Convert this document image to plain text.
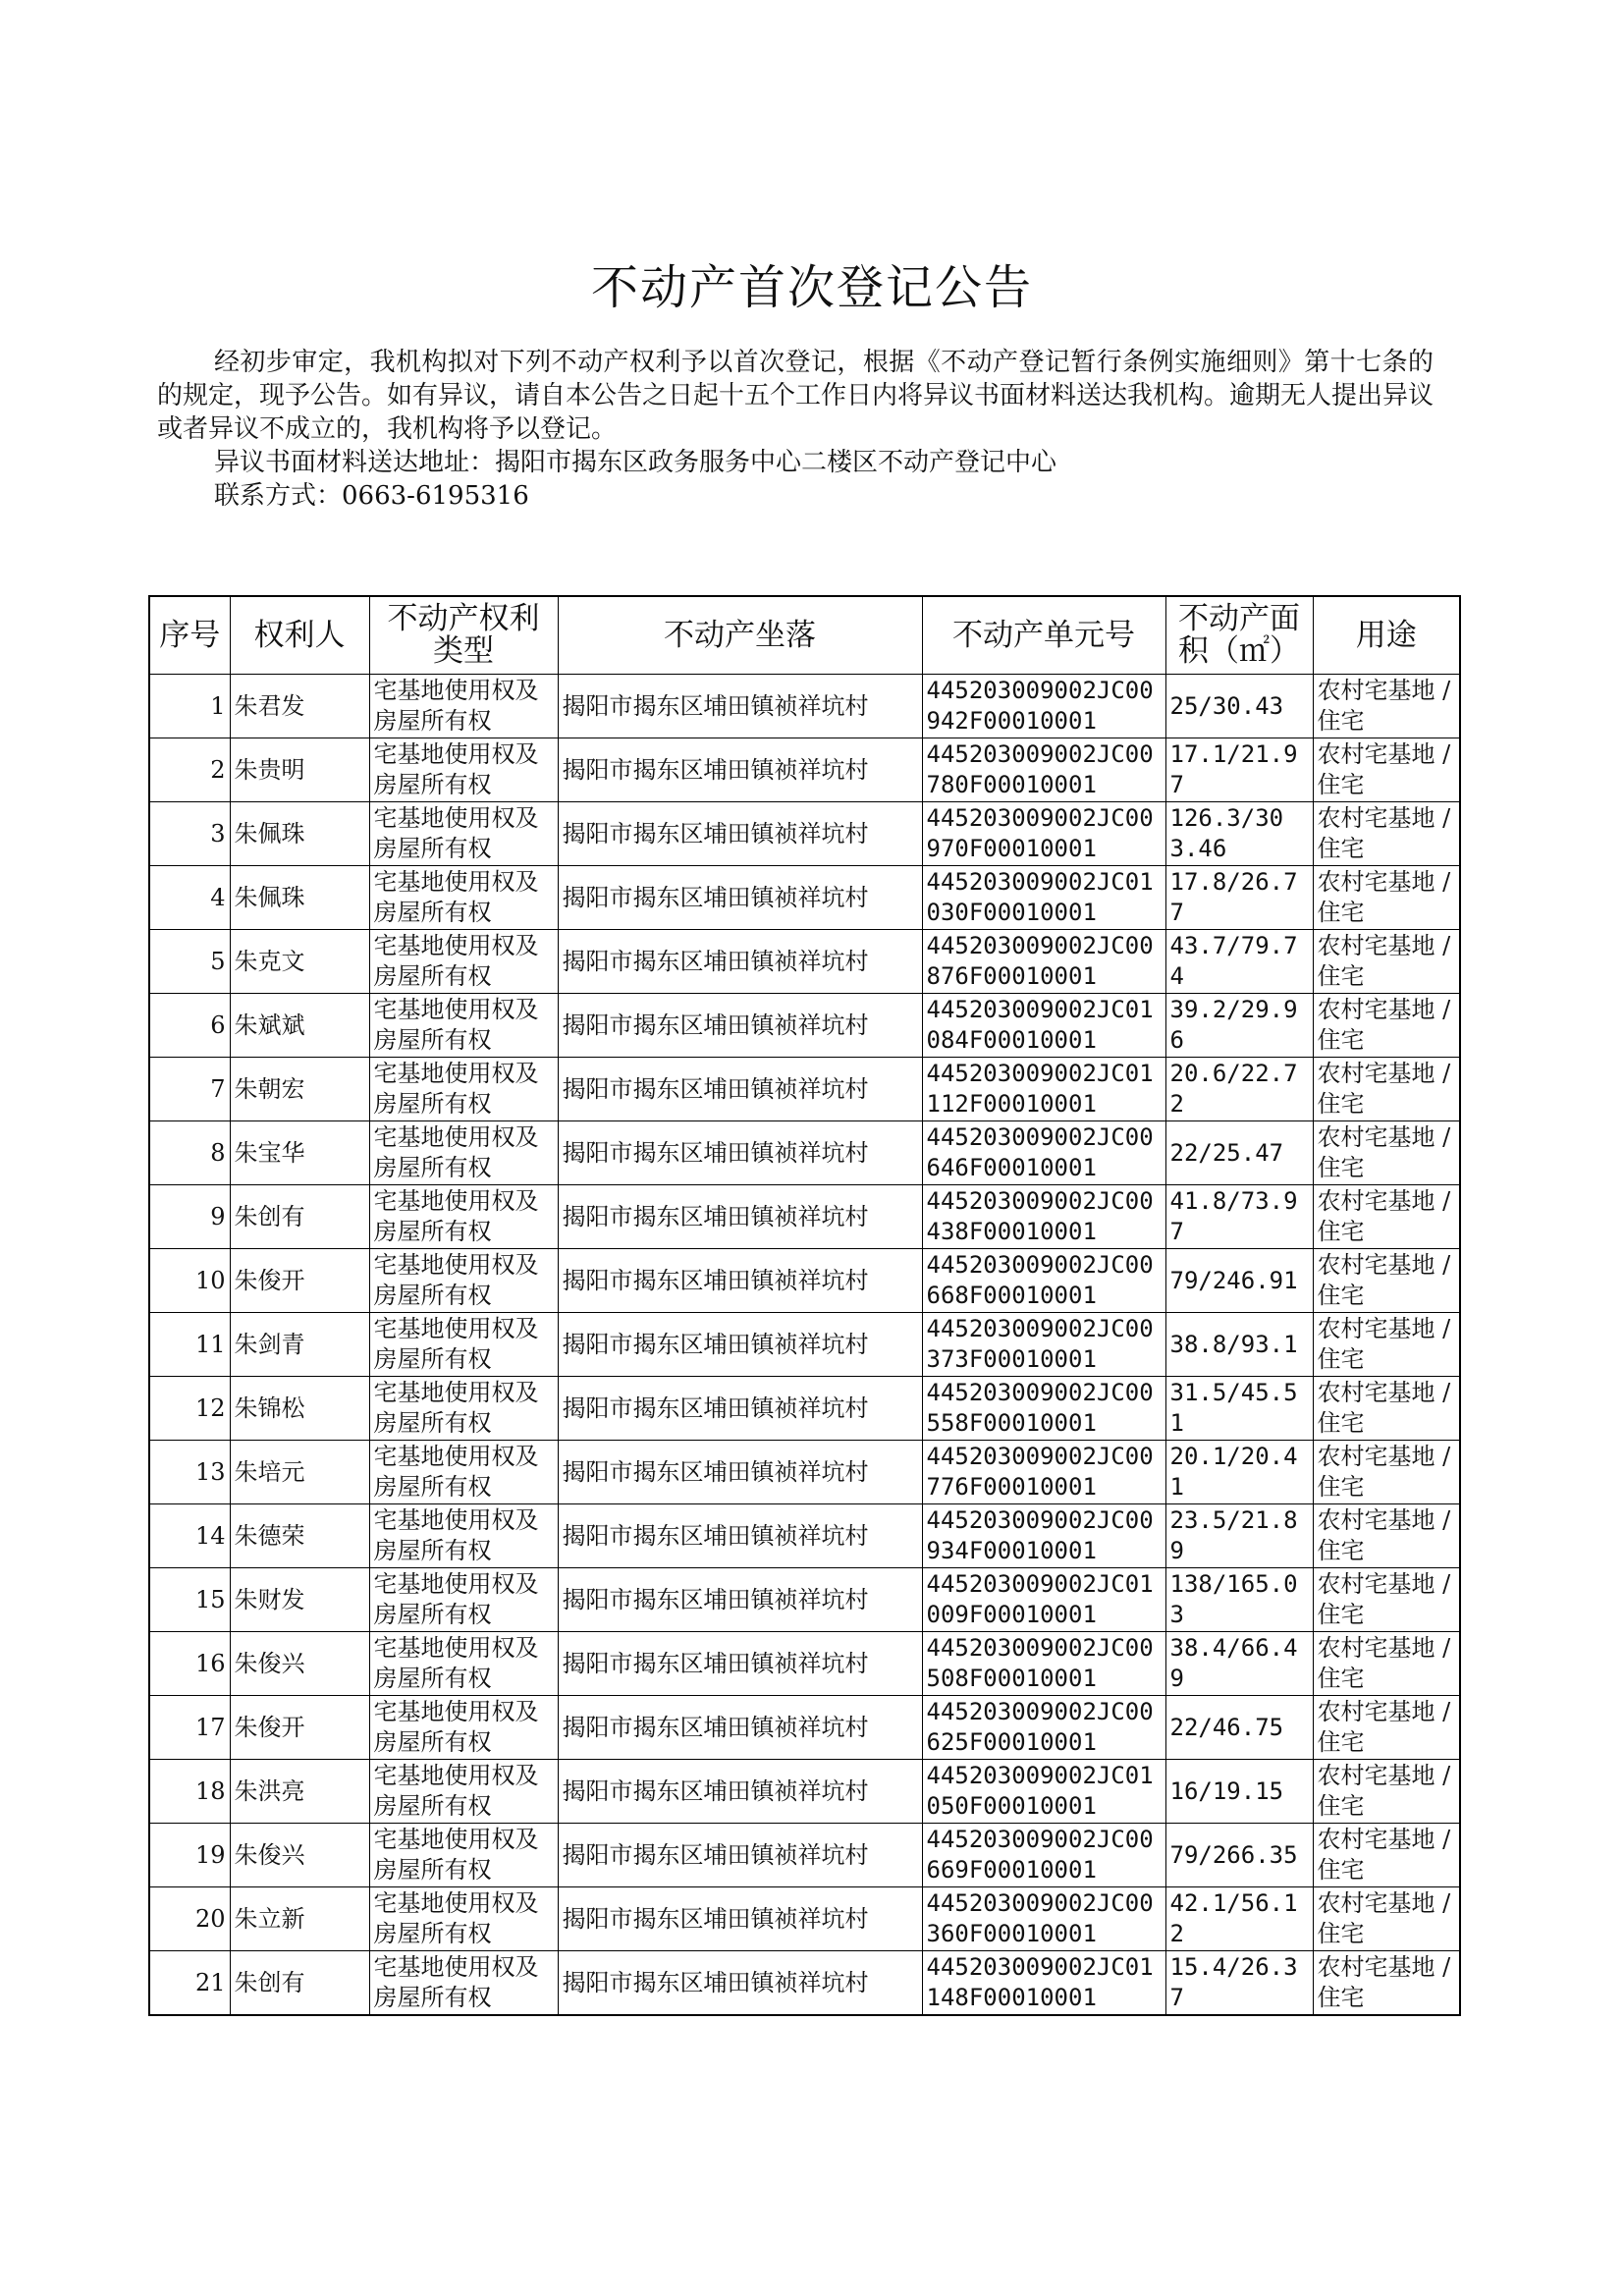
不动产首次登记公告

经初步审定，我机构拟对下列不动产权利予以首次登记，根据《不动产登记暂行条例实施细则》第十七条的的规定，现予公告。如有异议，请自本公告之日起十五个工作日内将异议书面材料送达我机构。逾期无人提出异议或者异议不成立的，我机构将予以登记。

异议书面材料送达地址：揭阳市揭东区政务服务中心二楼区不动产登记中心

联系方式：0663-6195316

序号	权利人	不动产权利类型	不动产坐落	不动产单元号	不动产面积（㎡）	用途
1	朱君发	宅基地使用权及房屋所有权	揭阳市揭东区埔田镇祯祥坑村	445203009002JC00942F00010001	25/30.43	农村宅基地 / 住宅
2	朱贵明	宅基地使用权及房屋所有权	揭阳市揭东区埔田镇祯祥坑村	445203009002JC00780F00010001	17.1/21.97	农村宅基地 / 住宅
3	朱佩珠	宅基地使用权及房屋所有权	揭阳市揭东区埔田镇祯祥坑村	445203009002JC00970F00010001	126.3/303.46	农村宅基地 / 住宅
4	朱佩珠	宅基地使用权及房屋所有权	揭阳市揭东区埔田镇祯祥坑村	445203009002JC01030F00010001	17.8/26.77	农村宅基地 / 住宅
5	朱克文	宅基地使用权及房屋所有权	揭阳市揭东区埔田镇祯祥坑村	445203009002JC00876F00010001	43.7/79.74	农村宅基地 / 住宅
6	朱斌斌	宅基地使用权及房屋所有权	揭阳市揭东区埔田镇祯祥坑村	445203009002JC01084F00010001	39.2/29.96	农村宅基地 / 住宅
7	朱朝宏	宅基地使用权及房屋所有权	揭阳市揭东区埔田镇祯祥坑村	445203009002JC01112F00010001	20.6/22.72	农村宅基地 / 住宅
8	朱宝华	宅基地使用权及房屋所有权	揭阳市揭东区埔田镇祯祥坑村	445203009002JC00646F00010001	22/25.47	农村宅基地 / 住宅
9	朱创有	宅基地使用权及房屋所有权	揭阳市揭东区埔田镇祯祥坑村	445203009002JC00438F00010001	41.8/73.97	农村宅基地 / 住宅
10	朱俊开	宅基地使用权及房屋所有权	揭阳市揭东区埔田镇祯祥坑村	445203009002JC00668F00010001	79/246.91	农村宅基地 / 住宅
11	朱剑青	宅基地使用权及房屋所有权	揭阳市揭东区埔田镇祯祥坑村	445203009002JC00373F00010001	38.8/93.1	农村宅基地 / 住宅
12	朱锦松	宅基地使用权及房屋所有权	揭阳市揭东区埔田镇祯祥坑村	445203009002JC00558F00010001	31.5/45.51	农村宅基地 / 住宅
13	朱培元	宅基地使用权及房屋所有权	揭阳市揭东区埔田镇祯祥坑村	445203009002JC00776F00010001	20.1/20.41	农村宅基地 / 住宅
14	朱德荣	宅基地使用权及房屋所有权	揭阳市揭东区埔田镇祯祥坑村	445203009002JC00934F00010001	23.5/21.89	农村宅基地 / 住宅
15	朱财发	宅基地使用权及房屋所有权	揭阳市揭东区埔田镇祯祥坑村	445203009002JC01009F00010001	138/165.03	农村宅基地 / 住宅
16	朱俊兴	宅基地使用权及房屋所有权	揭阳市揭东区埔田镇祯祥坑村	445203009002JC00508F00010001	38.4/66.49	农村宅基地 / 住宅
17	朱俊开	宅基地使用权及房屋所有权	揭阳市揭东区埔田镇祯祥坑村	445203009002JC00625F00010001	22/46.75	农村宅基地 / 住宅
18	朱洪亮	宅基地使用权及房屋所有权	揭阳市揭东区埔田镇祯祥坑村	445203009002JC01050F00010001	16/19.15	农村宅基地 / 住宅
19	朱俊兴	宅基地使用权及房屋所有权	揭阳市揭东区埔田镇祯祥坑村	445203009002JC00669F00010001	79/266.35	农村宅基地 / 住宅
20	朱立新	宅基地使用权及房屋所有权	揭阳市揭东区埔田镇祯祥坑村	445203009002JC00360F00010001	42.1/56.12	农村宅基地 / 住宅
21	朱创有	宅基地使用权及房屋所有权	揭阳市揭东区埔田镇祯祥坑村	445203009002JC01148F00010001	15.4/26.37	农村宅基地 / 住宅
